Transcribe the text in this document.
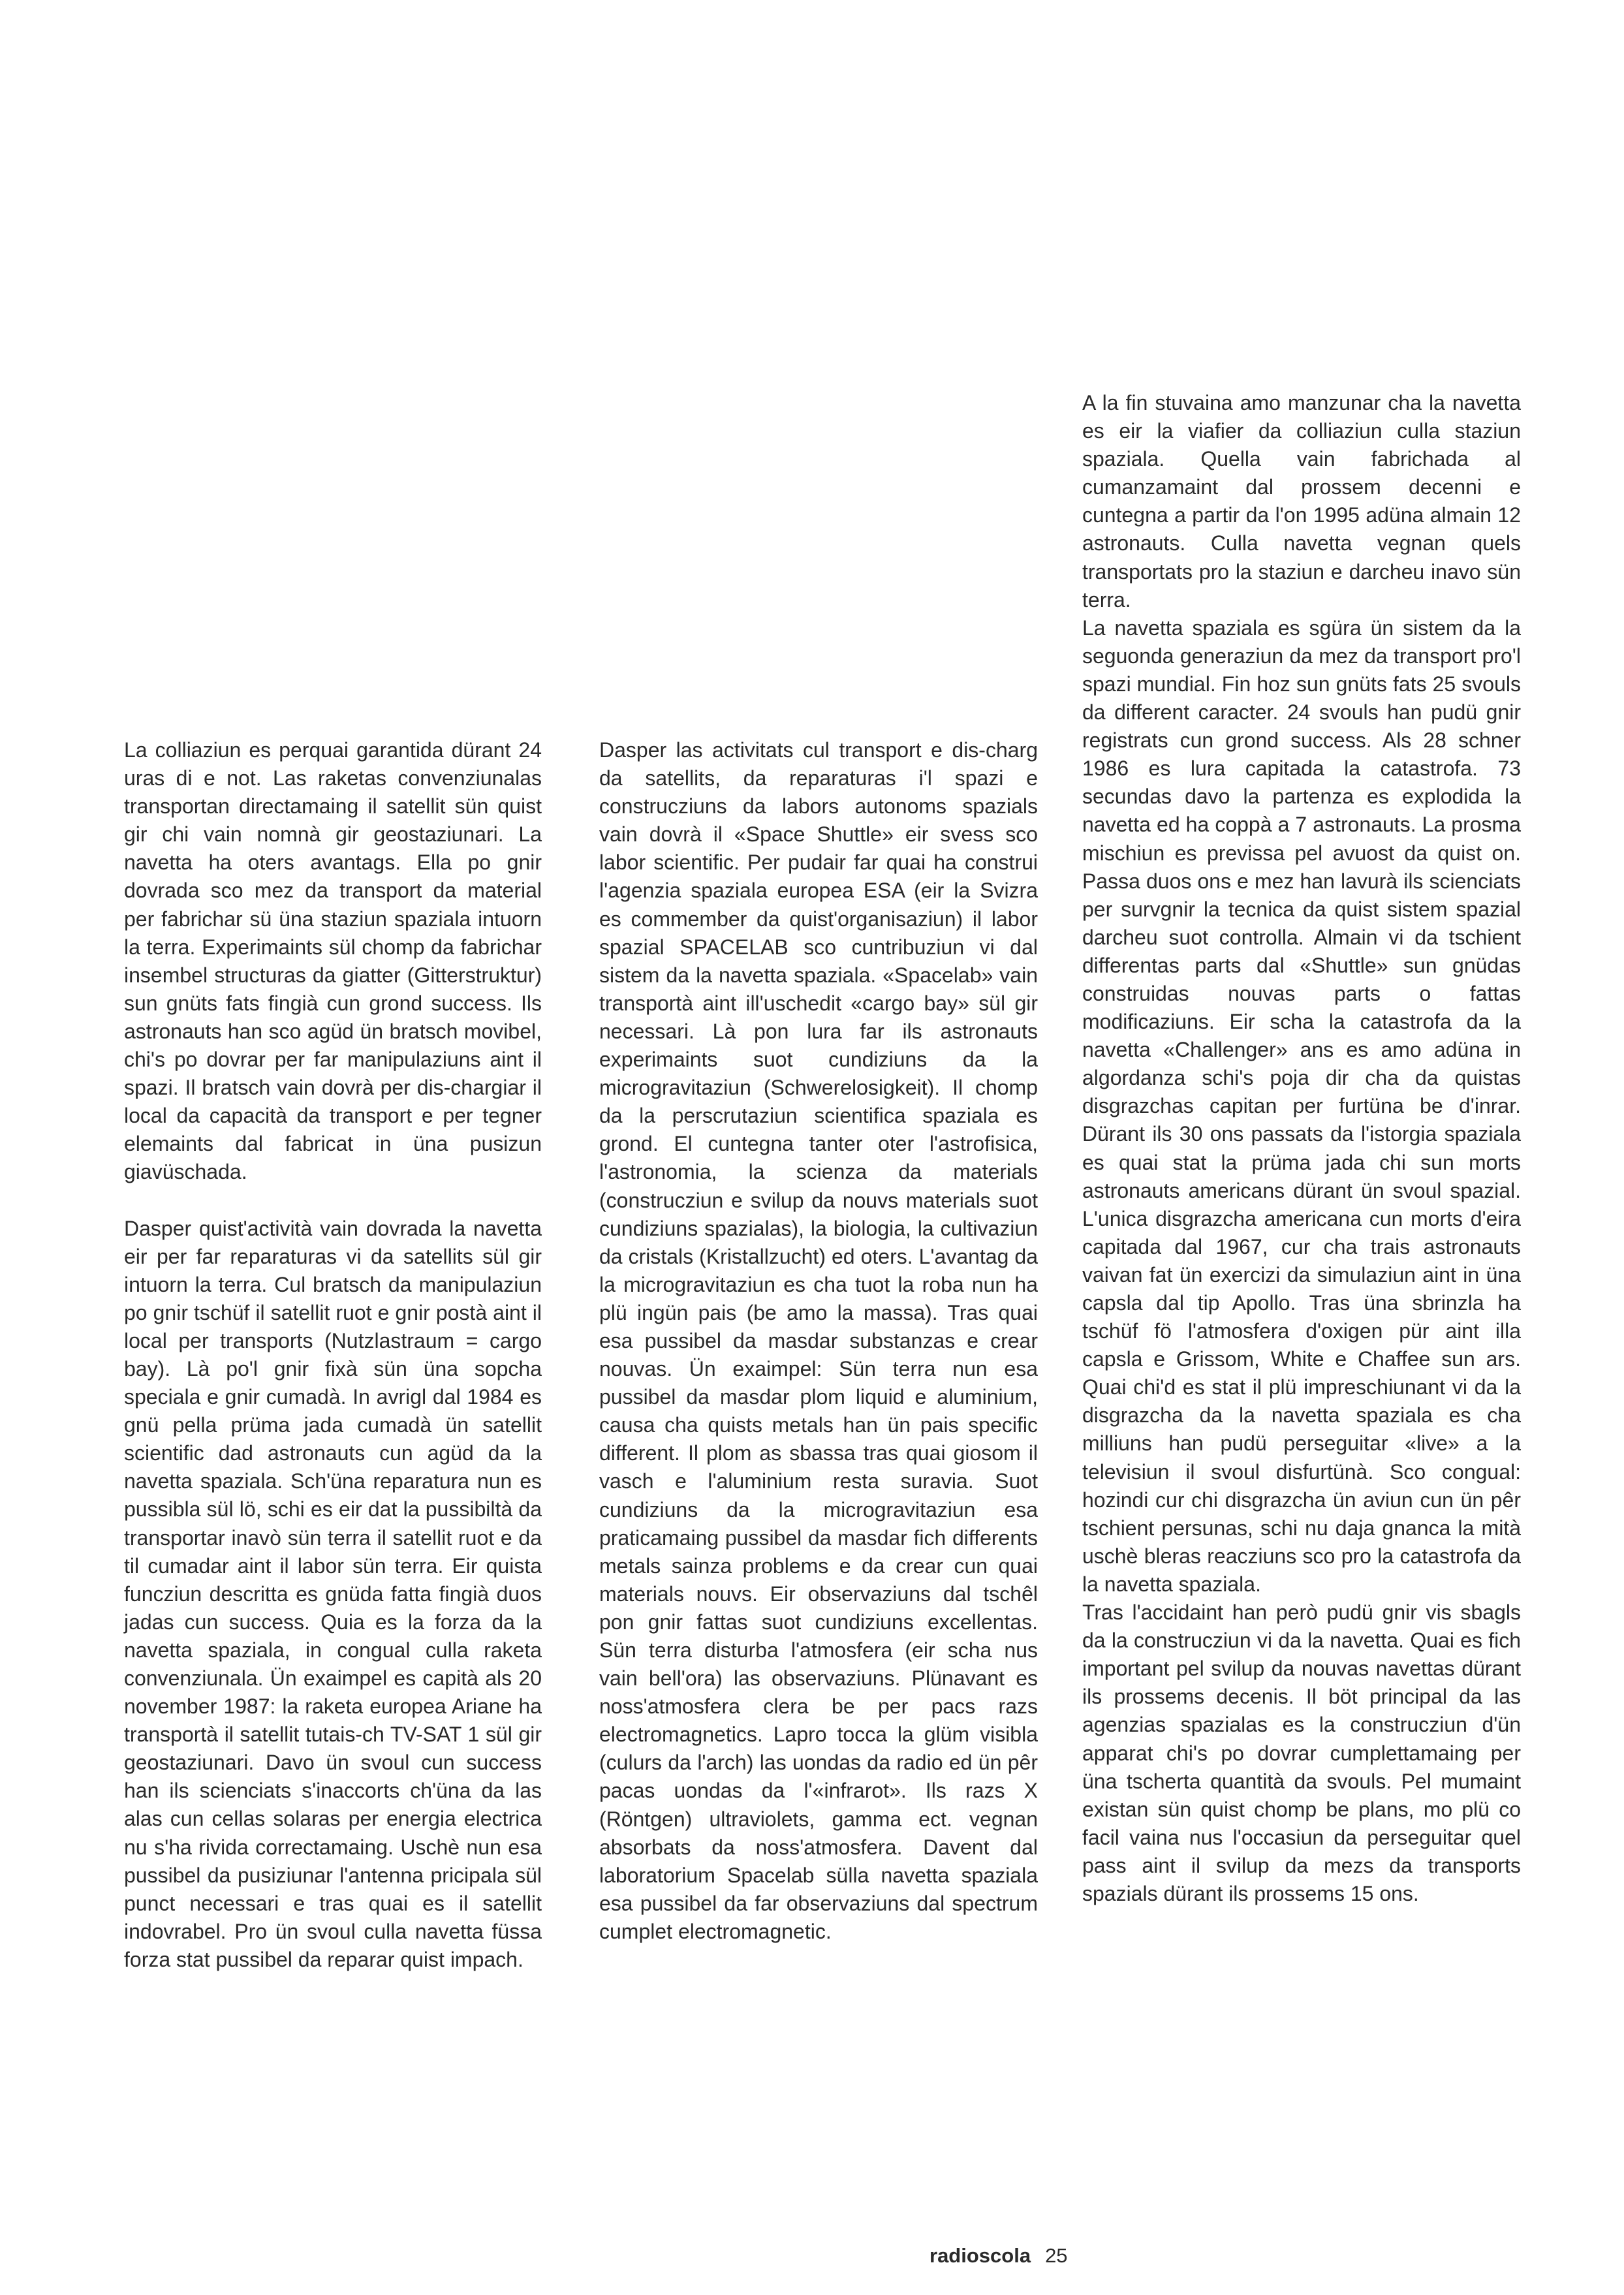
La colliaziun es perquai garantida dürant 24 uras di e not. Las raketas convenziunalas transportan directamaing il satellit sün quist gir chi vain nomnà gir geostaziunari. La navetta ha oters avantags. Ella po gnir dovrada sco mez da transport da material per fabrichar sü üna staziun spaziala intuorn la terra. Experimaints sül chomp da fabrichar insembel structuras da giatter (Gitterstruktur) sun gnüts fats fingià cun grond success. Ils astronauts han sco agüd ün bratsch movibel, chi's po dovrar per far manipulaziuns aint il spazi. Il bratsch vain dovrà per dis-chargiar il local da capacità da transport e per tegner elemaints dal fabricat in üna pusizun giavüschada.

Dasper quist'actività vain dovrada la navetta eir per far reparaturas vi da satellits sül gir intuorn la terra. Cul bratsch da manipulaziun po gnir tschüf il satellit ruot e gnir postà aint il local per transports (Nutzlastraum = cargo bay). Là po'l gnir fixà sün üna sopcha speciala e gnir cumadà. In avrigl dal 1984 es gnü pella prüma jada cumadà ün satellit scientific dad astronauts cun agüd da la navetta spaziala. Sch'üna reparatura nun es pussibla sül lö, schi es eir dat la pussibiltà da transportar inavò sün terra il satellit ruot e da til cumadar aint il labor sün terra. Eir quista funcziun descritta es gnüda fatta fingià duos jadas cun success. Quia es la forza da la navetta spaziala, in congual culla raketa convenziunala. Ün exaimpel es capità als 20 november 1987: la raketa europea Ariane ha transportà il satellit tutais-ch TV-SAT 1 sül gir geostaziunari. Davo ün svoul cun success han ils scienciats s'inaccorts ch'üna da las alas cun cellas solaras per energia electrica nu s'ha rivida correctamaing. Uschè nun esa pussibel da pusiziunar l'antenna pricipala sül punct necessari e tras quai es il satellit indovrabel. Pro ün svoul culla navetta füssa forza stat pussibel da reparar quist impach.

Dasper las activitats cul transport e dis-charg da satellits, da reparaturas i'l spazi e construcziuns da labors autonoms spazials vain dovrà il «Space Shuttle» eir svess sco labor scientific. Per pudair far quai ha construi l'agenzia spaziala europea ESA (eir la Svizra es commember da quist'organisaziun) il labor spazial SPACELAB sco cuntribuziun vi dal sistem da la navetta spaziala. «Spacelab» vain transportà aint ill'uschedit «cargo bay» sül gir necessari. Là pon lura far ils astronauts experimaints suot cundiziuns da la microgravitaziun (Schwerelosigkeit). Il chomp da la perscrutaziun scientifica spaziala es grond. El cuntegna tanter oter l'astrofisica, l'astronomia, la scienza da materials (construcziun e svilup da nouvs materials suot cundiziuns spazialas), la biologia, la cultivaziun da cristals (Kristallzucht) ed oters. L'avantag da la microgravitaziun es cha tuot la roba nun ha plü ingün pais (be amo la massa). Tras quai esa pussibel da masdar substanzas e crear nouvas. Ün exaimpel: Sün terra nun esa pussibel da masdar plom liquid e aluminium, causa cha quists metals han ün pais specific different. Il plom as sbassa tras quai giosom il vasch e l'aluminium resta suravia. Suot cundiziuns da la microgravitaziun esa praticamaing pussibel da masdar fich differents metals sainza problems e da crear cun quai materials nouvs. Eir observaziuns dal tschêl pon gnir fattas suot cundiziuns excellentas. Sün terra disturba l'atmosfera (eir scha nus vain bell'ora) las observaziuns. Plünavant es noss'atmosfera clera be per pacs razs electromagnetics. Lapro tocca la glüm visibla (culurs da l'arch) las uondas da radio ed ün pêr pacas uondas da l'«infrarot». Ils razs X (Röntgen) ultraviolets, gamma ect. vegnan absorbats da noss'atmosfera. Davent dal laboratorium Spacelab sülla navetta spaziala esa pussibel da far observaziuns dal spectrum cumplet electromagnetic.

A la fin stuvaina amo manzunar cha la navetta es eir la viafier da colliaziun culla staziun spaziala. Quella vain fabrichada al cumanzamaint dal prossem decenni e cuntegna a partir da l'on 1995 adüna almain 12 astronauts. Culla navetta vegnan quels transportats pro la staziun e darcheu inavo sün terra.

La navetta spaziala es sgüra ün sistem da la seguonda generaziun da mez da transport pro'l spazi mundial. Fin hoz sun gnüts fats 25 svouls da different caracter. 24 svouls han pudü gnir registrats cun grond success. Als 28 schner 1986 es lura capitada la catastrofa. 73 secundas davo la partenza es explodida la navetta ed ha coppà a 7 astronauts. La prosma mischiun es previssa pel avuost da quist on. Passa duos ons e mez han lavurà ils scienciats per survgnir la tecnica da quist sistem spazial darcheu suot controlla. Almain vi da tschient differentas parts dal «Shuttle» sun gnüdas construidas nouvas parts o fattas modificaziuns. Eir scha la catastrofa da la navetta «Challenger» ans es amo adüna in algordanza schi's poja dir cha da quistas disgrazchas capitan per furtüna be d'inrar. Dürant ils 30 ons passats da l'istorgia spaziala es quai stat la prüma jada chi sun morts astronauts americans dürant ün svoul spazial. L'unica disgrazcha americana cun morts d'eira capitada dal 1967, cur cha trais astronauts vaivan fat ün exercizi da simulaziun aint in üna capsla dal tip Apollo. Tras üna sbrinzla ha tschüf fö l'atmosfera d'oxigen pür aint illa capsla e Grissom, White e Chaffee sun ars. Quai chi'd es stat il plü impreschiunant vi da la disgrazcha da la navetta spaziala es cha milliuns han pudü perseguitar «live» a la televisiun il svoul disfurtünà. Sco congual: hozindi cur chi disgrazcha ün aviun cun ün pêr tschient persunas, schi nu daja gnanca la mità uschè bleras reacziuns sco pro la catastrofa da la navetta spaziala.

Tras l'accidaint han però pudü gnir vis sbagls da la construcziun vi da la navetta. Quai es fich important pel svilup da nouvas navettas dürant ils prossems decenis. Il böt principal da las agenzias spazialas es la construcziun d'ün apparat chi's po dovrar cumplettamaing per üna tscherta quantità da svouls. Pel mumaint existan sün quist chomp be plans, mo plü co facil vaina nus l'occasiun da perseguitar quel pass aint il svilup da mezs da transports spazials dürant ils prossems 15 ons.

radioscola 25
